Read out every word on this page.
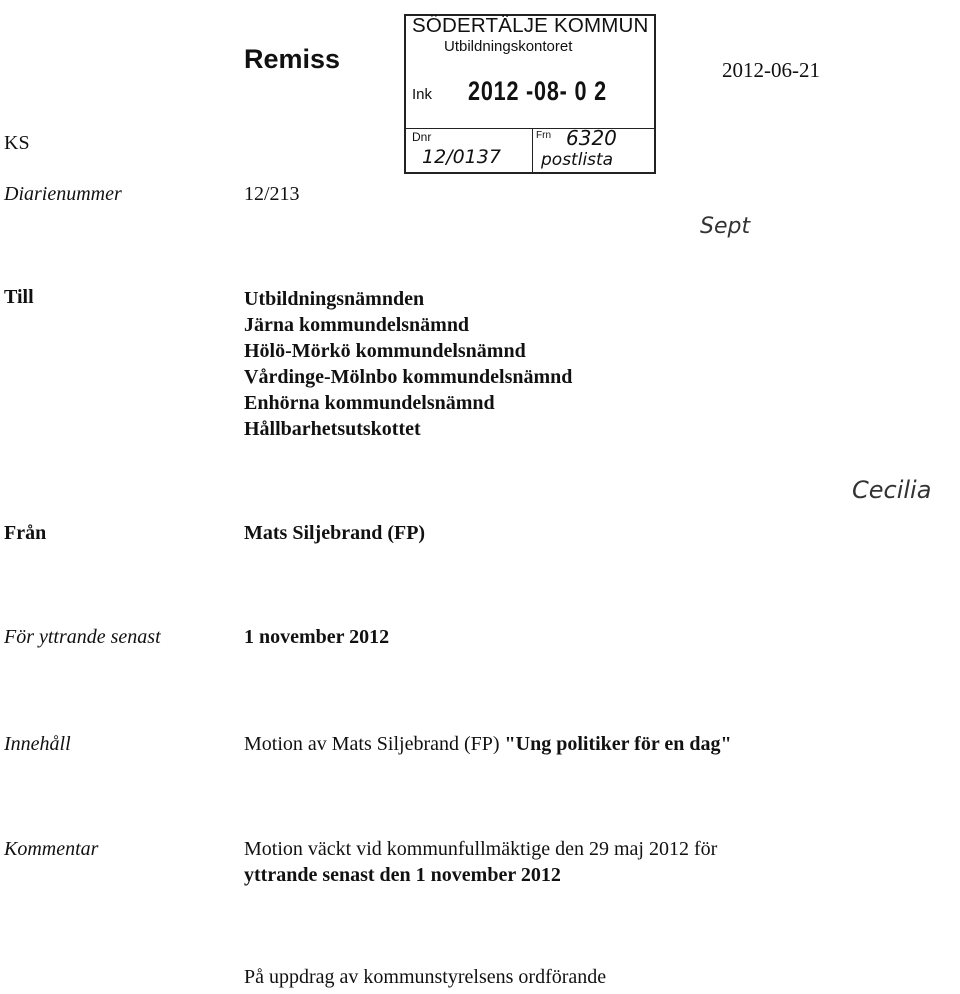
Remiss
SÖDERTÄLJE KOMMUN
Utbildningskontoret
Ink 2012 -08- 0 2
Dnr	Frn
12/0137
6320
postlista
2012-06-21
KS
Diarienummer	12/213
Sept
Till	Utbildningsnämnden
Järna kommundelsnämnd
Hölö-Mörkö kommundelsnämnd
Vårdinge-Mölnbo kommundelsnämnd
Enhörna kommundelsnämnd
Hållbarhetsutskottet
Cecilia
Från	Mats Siljebrand (FP)
För yttrande senast	1 november 2012
Innehåll	Motion av Mats Siljebrand (FP) "Ung politiker för en dag"
Kommentar	Motion väckt vid kommunfullmäktige den 29 maj 2012 för
yttrande senast den 1 november 2012
På uppdrag av kommunstyrelsens ordförande
